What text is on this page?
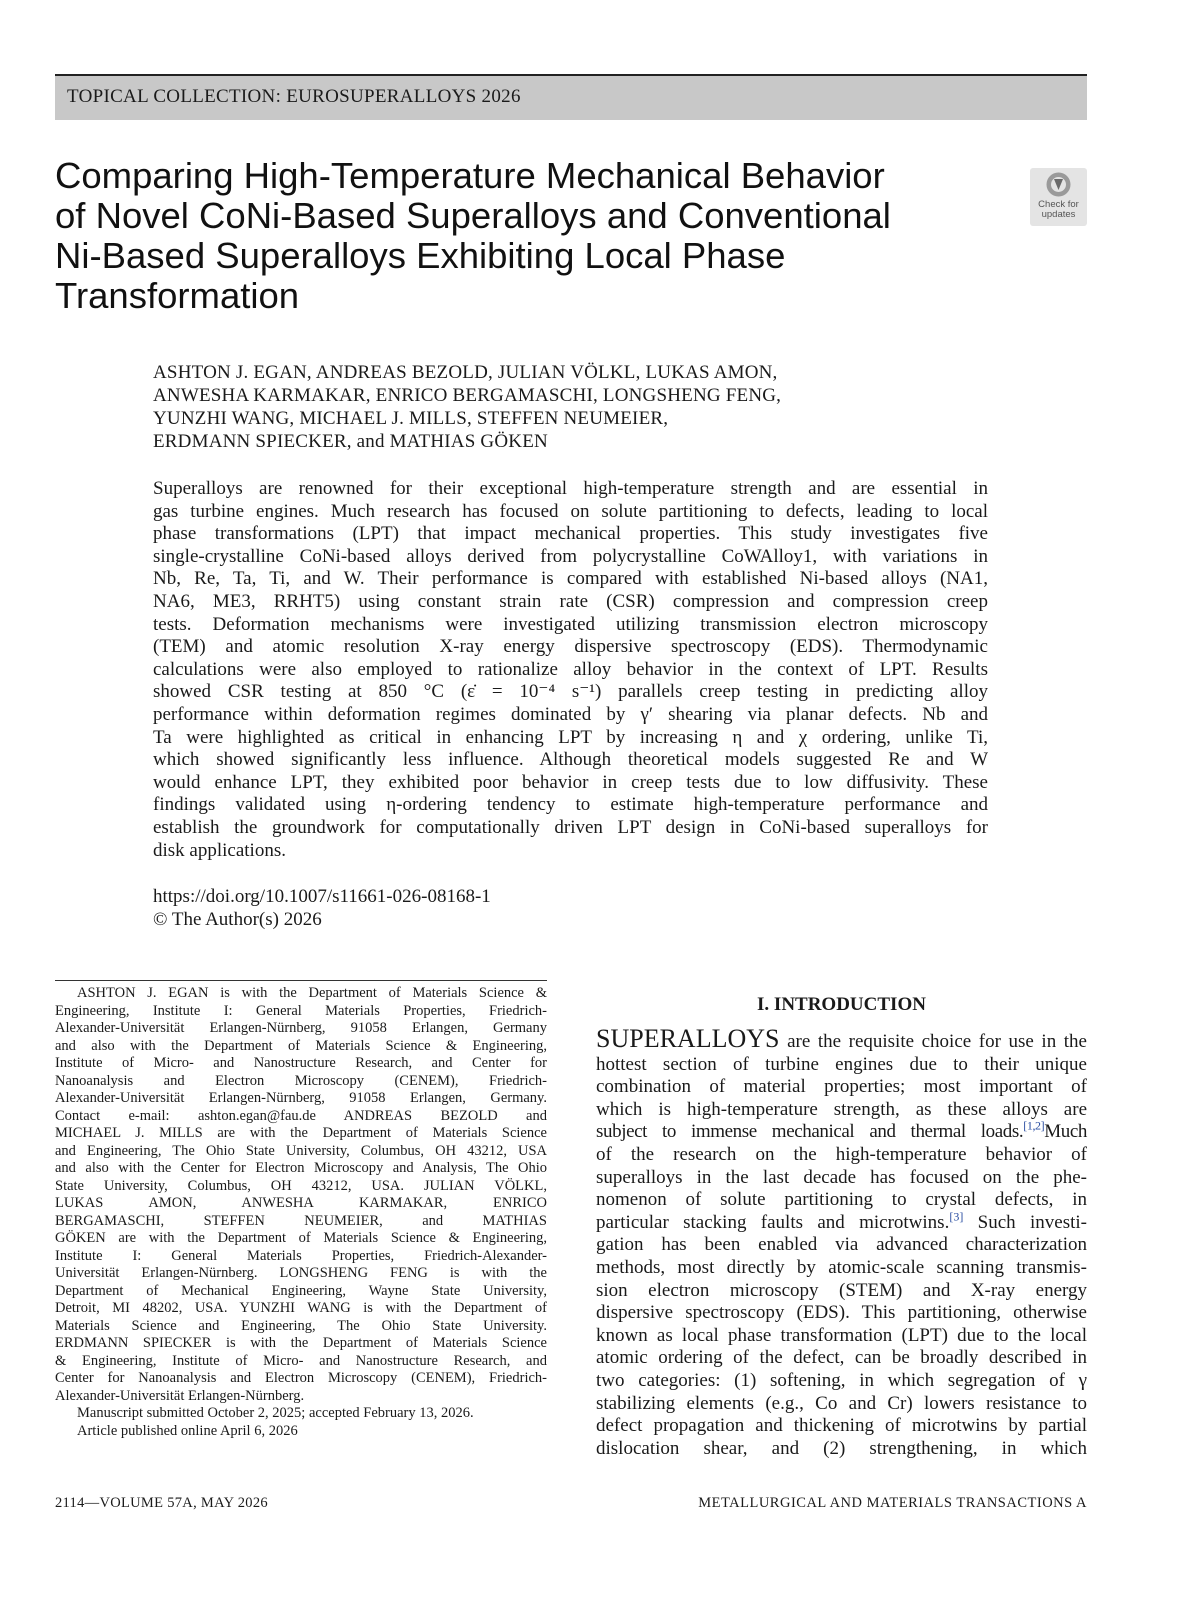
TOPICAL COLLECTION: EUROSUPERALLOYS 2026
Comparing High-Temperature Mechanical Behavior
of Novel CoNi-Based Superalloys and Conventional
Ni-Based Superalloys Exhibiting Local Phase
Transformation
Check for
updates

ASHTON J. EGAN, ANDREAS BEZOLD, JULIAN VÖLKL, LUKAS AMON,
ANWESHA KARMAKAR, ENRICO BERGAMASCHI, LONGSHENG FENG,
YUNZHI WANG, MICHAEL J. MILLS, STEFFEN NEUMEIER,
ERDMANN SPIECKER, and MATHIAS GÖKEN

Superalloys are renowned for their exceptional high-temperature strength and are essential in
gas turbine engines. Much research has focused on solute partitioning to defects, leading to local
phase transformations (LPT) that impact mechanical properties. This study investigates five
single-crystalline CoNi-based alloys derived from polycrystalline CoWAlloy1, with variations in
Nb, Re, Ta, Ti, and W. Their performance is compared with established Ni-based alloys (NA1,
NA6, ME3, RRHT5) using constant strain rate (CSR) compression and compression creep
tests. Deformation mechanisms were investigated utilizing transmission electron microscopy
(TEM) and atomic resolution X-ray energy dispersive spectroscopy (EDS). Thermodynamic
calculations were also employed to rationalize alloy behavior in the context of LPT. Results
showed CSR testing at 850 °C (ε̇ = 10⁻⁴ s⁻¹) parallels creep testing in predicting alloy
performance within deformation regimes dominated by γ′ shearing via planar defects. Nb and
Ta were highlighted as critical in enhancing LPT by increasing η and χ ordering, unlike Ti,
which showed significantly less influence. Although theoretical models suggested Re and W
would enhance LPT, they exhibited poor behavior in creep tests due to low diffusivity. These
findings validated using η-ordering tendency to estimate high-temperature performance and
establish the groundwork for computationally driven LPT design in CoNi-based superalloys for
disk applications.
https://doi.org/10.1007/s11661-026-08168-1
© The Author(s) 2026
ASHTON J. EGAN is with the Department of Materials Science &
Engineering, Institute I: General Materials Properties, Friedrich-
Alexander-Universität Erlangen-Nürnberg, 91058 Erlangen, Germany
and also with the Department of Materials Science & Engineering,
Institute of Micro- and Nanostructure Research, and Center for
Nanoanalysis and Electron Microscopy (CENEM), Friedrich-
Alexander-Universität Erlangen-Nürnberg, 91058 Erlangen, Germany.
Contact e-mail: ashton.egan@fau.de ANDREAS BEZOLD and
MICHAEL J. MILLS are with the Department of Materials Science
and Engineering, The Ohio State University, Columbus, OH 43212, USA
and also with the Center for Electron Microscopy and Analysis, The Ohio
State University, Columbus, OH 43212, USA. JULIAN VÖLKL,
LUKAS AMON, ANWESHA KARMAKAR, ENRICO
BERGAMASCHI, STEFFEN NEUMEIER, and MATHIAS
GÖKEN are with the Department of Materials Science & Engineering,
Institute I: General Materials Properties, Friedrich-Alexander-
Universität Erlangen-Nürnberg. LONGSHENG FENG is with the
Department of Mechanical Engineering, Wayne State University,
Detroit, MI 48202, USA. YUNZHI WANG is with the Department of
Materials Science and Engineering, The Ohio State University.
ERDMANN SPIECKER is with the Department of Materials Science
& Engineering, Institute of Micro- and Nanostructure Research, and
Center for Nanoanalysis and Electron Microscopy (CENEM), Friedrich-
Alexander-Universität Erlangen-Nürnberg.
Manuscript submitted October 2, 2025; accepted February 13, 2026.
Article published online April 6, 2026
I. INTRODUCTION
SUPERALLOYS are the requisite choice for use in the
hottest section of turbine engines due to their unique
combination of material properties; most important of
which is high-temperature strength, as these alloys are
subject to immense mechanical and thermal loads.[1,2]Much
of the research on the high-temperature behavior of
superalloys in the last decade has focused on the phe-
nomenon of solute partitioning to crystal defects, in
particular stacking faults and microtwins.[3] Such investi-
gation has been enabled via advanced characterization
methods, most directly by atomic-scale scanning transmis-
sion electron microscopy (STEM) and X-ray energy
dispersive spectroscopy (EDS). This partitioning, otherwise
known as local phase transformation (LPT) due to the local
atomic ordering of the defect, can be broadly described in
two categories: (1) softening, in which segregation of γ
stabilizing elements (e.g., Co and Cr) lowers resistance to
defect propagation and thickening of microtwins by partial
dislocation shear, and (2) strengthening, in which
2114—VOLUME 57A, MAY 2026	METALLURGICAL AND MATERIALS TRANSACTIONS A
